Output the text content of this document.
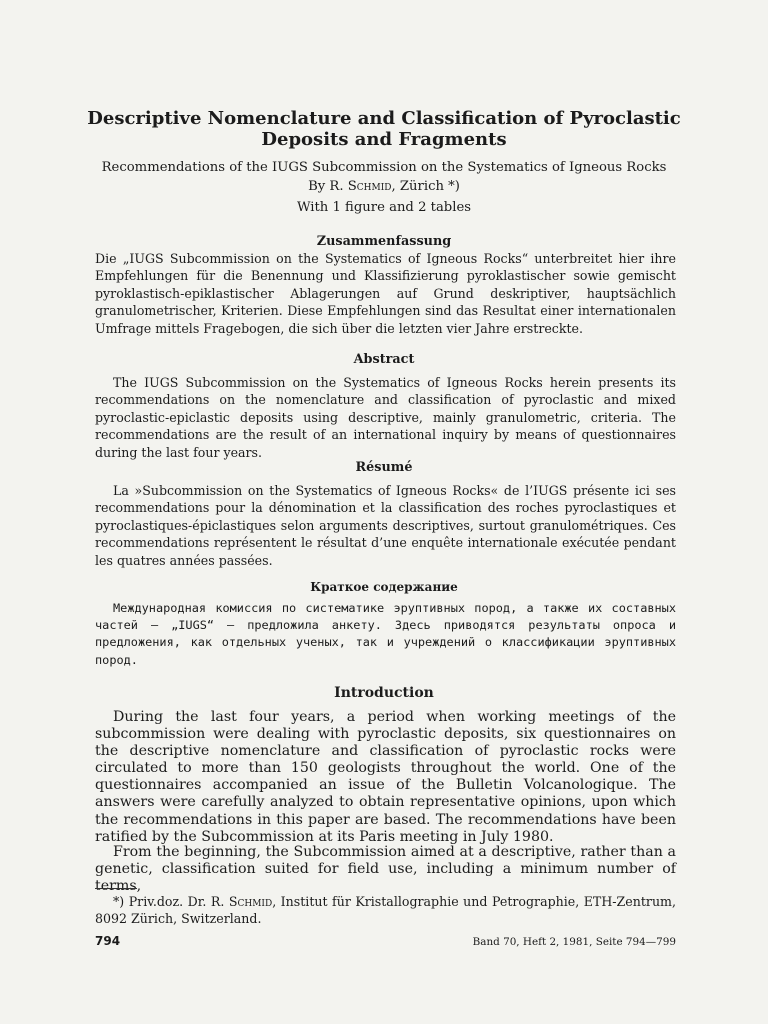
Descriptive Nomenclature and Classification of Pyroclastic Deposits and Fragments

Recommendations of the IUGS Subcommission on the Systematics of Igneous Rocks

By R. Schmid, Zürich *)

With 1 figure and 2 tables

Zusammenfassung

Die „IUGS Subcommission on the Systematics of Igneous Rocks“ unterbreitet hier ihre Empfehlungen für die Benennung und Klassifizierung pyroklastischer sowie gemischt pyroklastisch-epiklastischer Ablagerungen auf Grund deskriptiver, hauptsächlich granulometrischer, Kriterien. Diese Empfehlungen sind das Resultat einer internationalen Umfrage mittels Fragebogen, die sich über die letzten vier Jahre erstreckte.

Abstract

The IUGS Subcommission on the Systematics of Igneous Rocks herein presents its recommendations on the nomenclature and classification of pyroclastic and mixed pyroclastic-epiclastic deposits using descriptive, mainly granulometric, criteria. The recommendations are the result of an international inquiry by means of questionnaires during the last four years.

Résumé

La »Subcommission on the Systematics of Igneous Rocks« de l’IUGS présente ici ses recommendations pour la dénomination et la classification des roches pyroclastiques et pyroclastiques-épiclastiques selon arguments descriptives, surtout granulométriques. Ces recommendations représentent le résultat d’une enquête internationale exécutée pendant les quatres années passées.

Краткое содержание

Международная комиссия по систематике эруптивных пород, а также их составных частей – „IUGS“ – предложила анкету. Здесь приводятся результаты опроса и предложения, как отдельных ученых, так и учреждений о классификации эруптивных пород.

Introduction

During the last four years, a period when working meetings of the subcommission were dealing with pyroclastic deposits, six questionnaires on the descriptive nomenclature and classification of pyroclastic rocks were circulated to more than 150 geologists throughout the world. One of the questionnaires accompanied an issue of the Bulletin Volcanologique. The answers were carefully analyzed to obtain representative opinions, upon which the recommendations in this paper are based. The recommendations have been ratified by the Subcommission at its Paris meeting in July 1980.

From the beginning, the Subcommission aimed at a descriptive, rather than a genetic, classification suited for field use, including a minimum number of terms,

*) Priv.doz. Dr. R. Schmid, Institut für Kristallographie und Petrographie, ETH-Zentrum, 8092 Zürich, Switzerland.

794	Band 70, Heft 2, 1981, Seite 794—799
